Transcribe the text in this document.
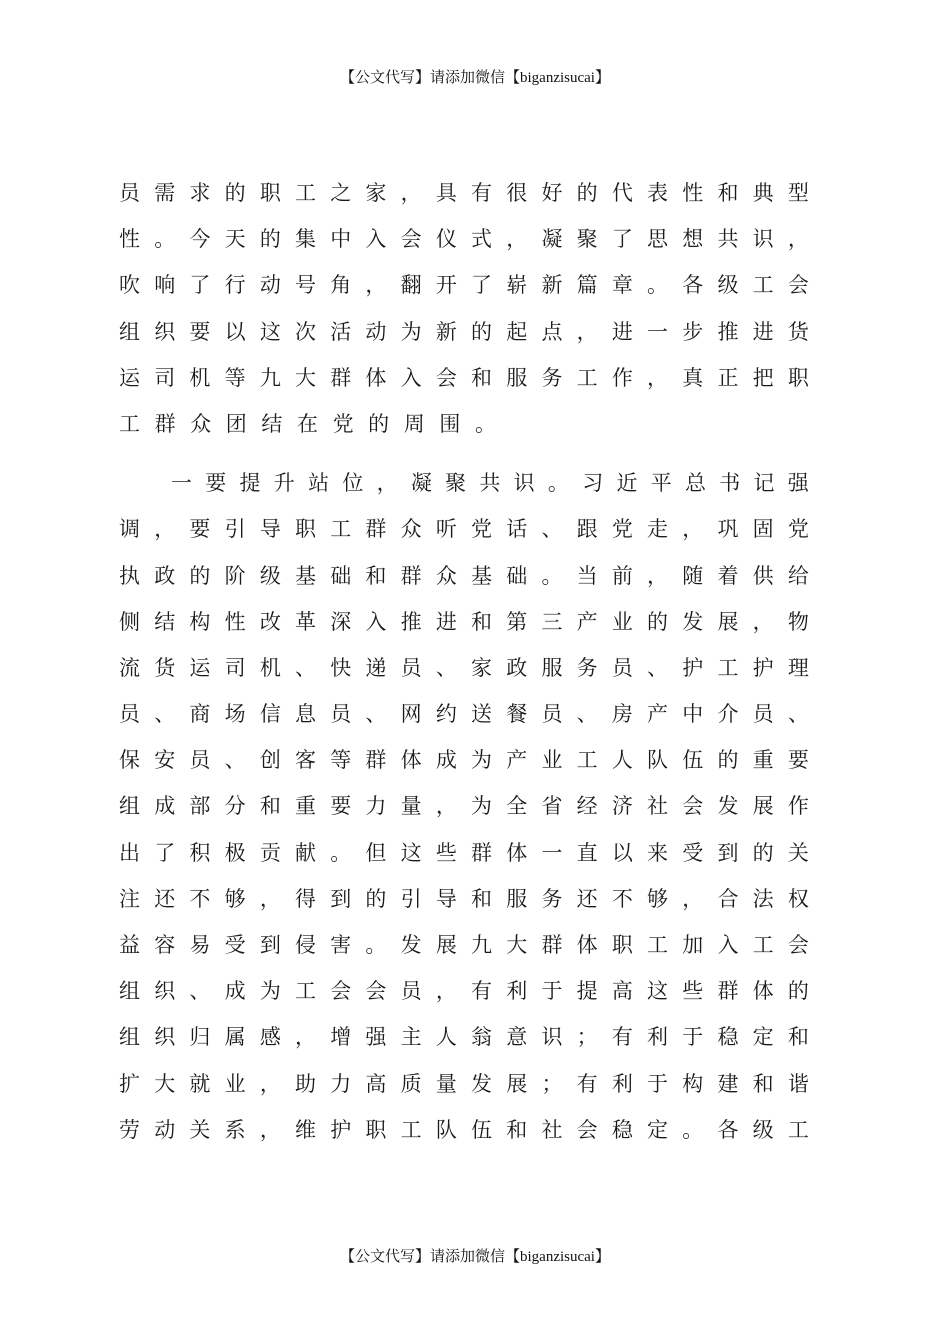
【公文代写】请添加微信【biganzisucai】
员 需 求 的 职 工 之 家 ， 具 有 很 好 的 代 表 性 和 典 型
性 。 今 天 的 集 中 入 会 仪 式 ， 凝 聚 了 思 想 共 识 ，
吹 响 了 行 动 号 角 ， 翻 开 了 崭 新 篇 章 。 各 级 工 会
组 织 要 以 这 次 活 动 为 新 的 起 点 ， 进 一 步 推 进 货
运 司 机 等 九 大 群 体 入 会 和 服 务 工 作 ， 真 正 把 职
工 群 众 团 结 在 党 的 周 围 。
一 要 提 升 站 位 ， 凝 聚 共 识 。 习 近 平 总 书 记 强
调 ， 要 引 导 职 工 群 众 听 党 话 、 跟 党 走 ， 巩 固 党
执 政 的 阶 级 基 础 和 群 众 基 础 。 当 前 ， 随 着 供 给
侧 结 构 性 改 革 深 入 推 进 和 第 三 产 业 的 发 展 ， 物
流 货 运 司 机 、 快 递 员 、 家 政 服 务 员 、 护 工 护 理
员 、 商 场 信 息 员 、 网 约 送 餐 员 、 房 产 中 介 员 、
保 安 员 、 创 客 等 群 体 成 为 产 业 工 人 队 伍 的 重 要
组 成 部 分 和 重 要 力 量 ， 为 全 省 经 济 社 会 发 展 作
出 了 积 极 贡 献 。 但 这 些 群 体 一 直 以 来 受 到 的 关
注 还 不 够 ， 得 到 的 引 导 和 服 务 还 不 够 ， 合 法 权
益 容 易 受 到 侵 害 。 发 展 九 大 群 体 职 工 加 入 工 会
组 织 、 成 为 工 会 会 员 ， 有 利 于 提 高 这 些 群 体 的
组 织 归 属 感 ， 增 强 主 人 翁 意 识 ； 有 利 于 稳 定 和
扩 大 就 业 ， 助 力 高 质 量 发 展 ； 有 利 于 构 建 和 谐
劳 动 关 系 ， 维 护 职 工 队 伍 和 社 会 稳 定 。 各 级 工
【公文代写】请添加微信【biganzisucai】
